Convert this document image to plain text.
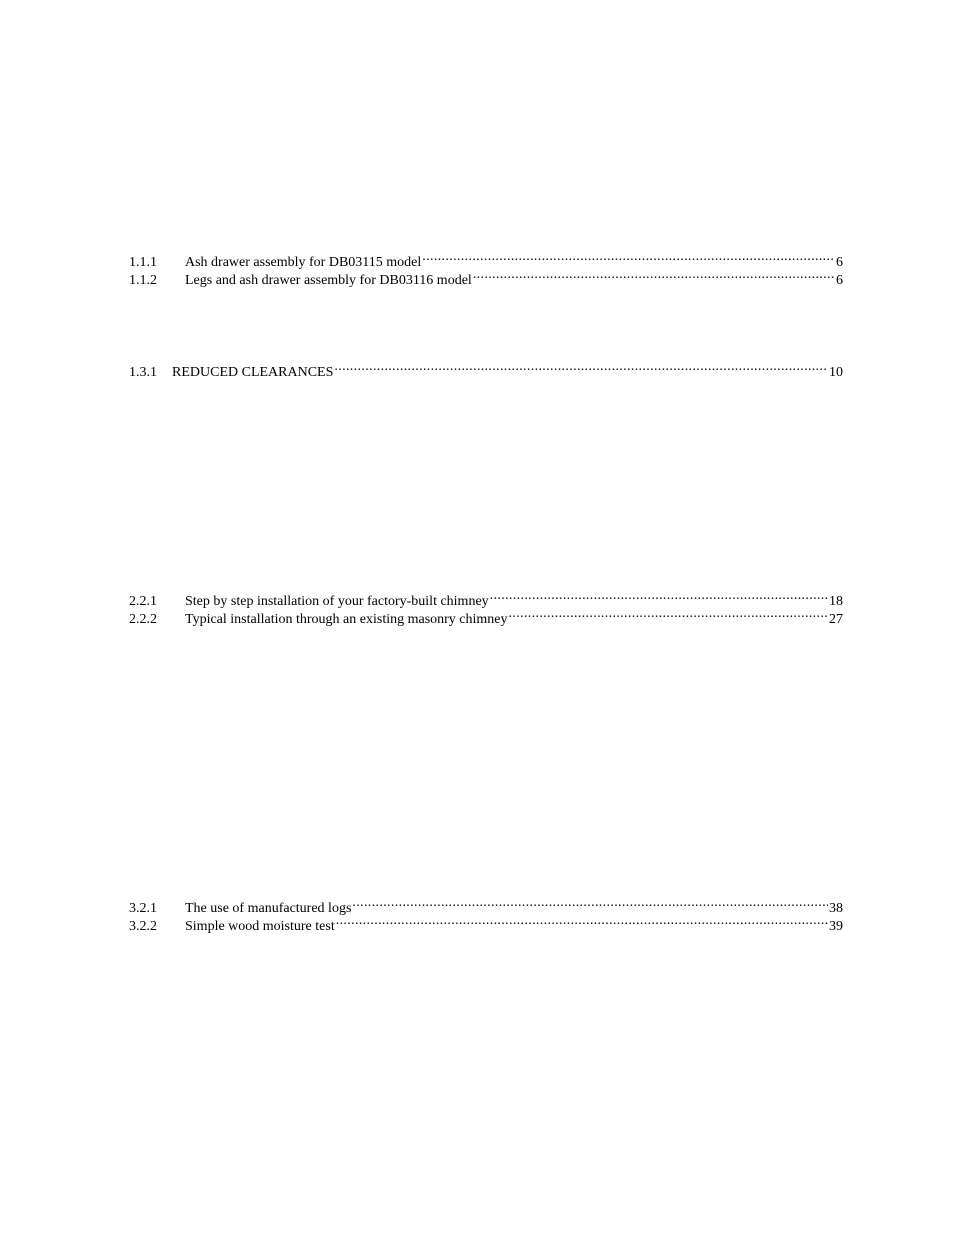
1.1.1	Ash drawer assembly for DB03115 model .....	6
1.1.2	Legs and ash drawer assembly for DB03116 model .....	6
1.3.1	REDUCED CLEARANCES .....	10
2.2.1	Step by step installation of your factory-built chimney .....	18
2.2.2	Typical installation through an existing masonry chimney .....	27
3.2.1	The use of manufactured logs .....	38
3.2.2	Simple wood moisture test .....	39
